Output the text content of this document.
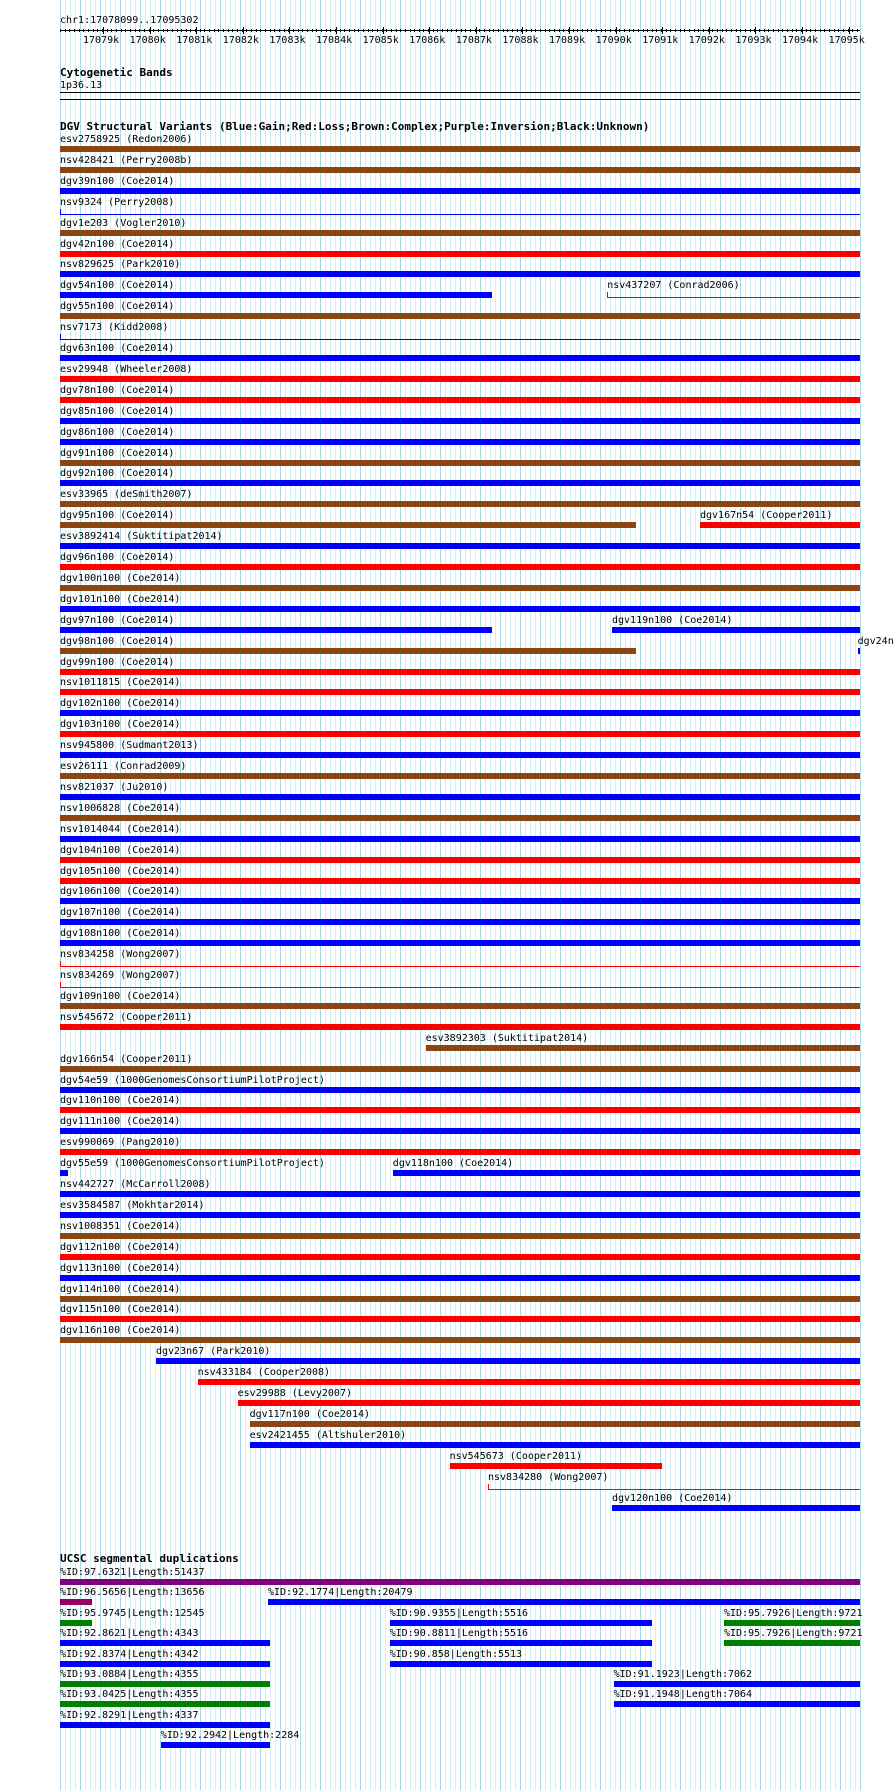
chr1:17078099..17095302
17079k 17080k 17081k 17082k 17083k 17084k 17085k 17086k 17087k 17088k 17089k 17090k 17091k 17092k 17093k 17094k 17095k
Cytogenetic Bands
1p36.13
DGV Structural Variants (Blue:Gain;Red:Loss;Brown:Complex;Purple:Inversion;Black:Unknown)
esv2758925 (Redon2006)
nsv428421 (Perry2008b)
dgv39n100 (Coe2014)
nsv9324 (Perry2008)
dgv1e203 (Vogler2010)
dgv42n100 (Coe2014)
nsv829625 (Park2010)
dgv54n100 (Coe2014)	nsv437207 (Conrad2006)
dgv55n100 (Coe2014)
nsv7173 (Kidd2008)
dgv63n100 (Coe2014)
esv29948 (Wheeler2008)
dgv78n100 (Coe2014)
dgv85n100 (Coe2014)
dgv86n100 (Coe2014)
dgv91n100 (Coe2014)
dgv92n100 (Coe2014)
esv33965 (deSmith2007)
dgv95n100 (Coe2014)	dgv167n54 (Cooper2011)
esv3892414 (Suktitipat2014)
dgv96n100 (Coe2014)
dgv100n100 (Coe2014)
dgv101n100 (Coe2014)
dgv97n100 (Coe2014)	dgv119n100 (Coe2014)
dgv98n100 (Coe2014)	dgv24n
dgv99n100 (Coe2014)
nsv1011815 (Coe2014)
dgv102n100 (Coe2014)
dgv103n100 (Coe2014)
nsv945800 (Sudmant2013)
esv26111 (Conrad2009)
nsv821037 (Ju2010)
nsv1006828 (Coe2014)
nsv1014044 (Coe2014)
dgv104n100 (Coe2014)
dgv105n100 (Coe2014)
dgv106n100 (Coe2014)
dgv107n100 (Coe2014)
dgv108n100 (Coe2014)
nsv834258 (Wong2007)
nsv834269 (Wong2007)
dgv109n100 (Coe2014)
nsv545672 (Cooper2011)
esv3892303 (Suktitipat2014)
dgv166n54 (Cooper2011)
dgv54e59 (1000GenomesConsortiumPilotProject)
dgv110n100 (Coe2014)
dgv111n100 (Coe2014)
esv990069 (Pang2010)
dgv55e59 (1000GenomesConsortiumPilotProject)	dgv118n100 (Coe2014)
nsv442727 (McCarroll2008)
esv3584587 (Mokhtar2014)
nsv1008351 (Coe2014)
dgv112n100 (Coe2014)
dgv113n100 (Coe2014)
dgv114n100 (Coe2014)
dgv115n100 (Coe2014)
dgv116n100 (Coe2014)
dgv23n67 (Park2010)
nsv433184 (Cooper2008)
esv29988 (Levy2007)
dgv117n100 (Coe2014)
esv2421455 (Altshuler2010)
nsv545673 (Cooper2011)
nsv834280 (Wong2007)
dgv120n100 (Coe2014)
UCSC segmental duplications
%ID:97.6321|Length:51437
%ID:96.5656|Length:13656	%ID:92.1774|Length:20479
%ID:95.9745|Length:12545	%ID:90.9355|Length:5516	%ID:95.7926|Length:9721
%ID:92.8621|Length:4343	%ID:90.8811|Length:5516	%ID:95.7926|Length:9721
%ID:92.8374|Length:4342	%ID:90.858|Length:5513
%ID:93.0884|Length:4355	%ID:91.1923|Length:7062
%ID:93.0425|Length:4355	%ID:91.1948|Length:7064
%ID:92.8291|Length:4337
%ID:92.2942|Length:2284
